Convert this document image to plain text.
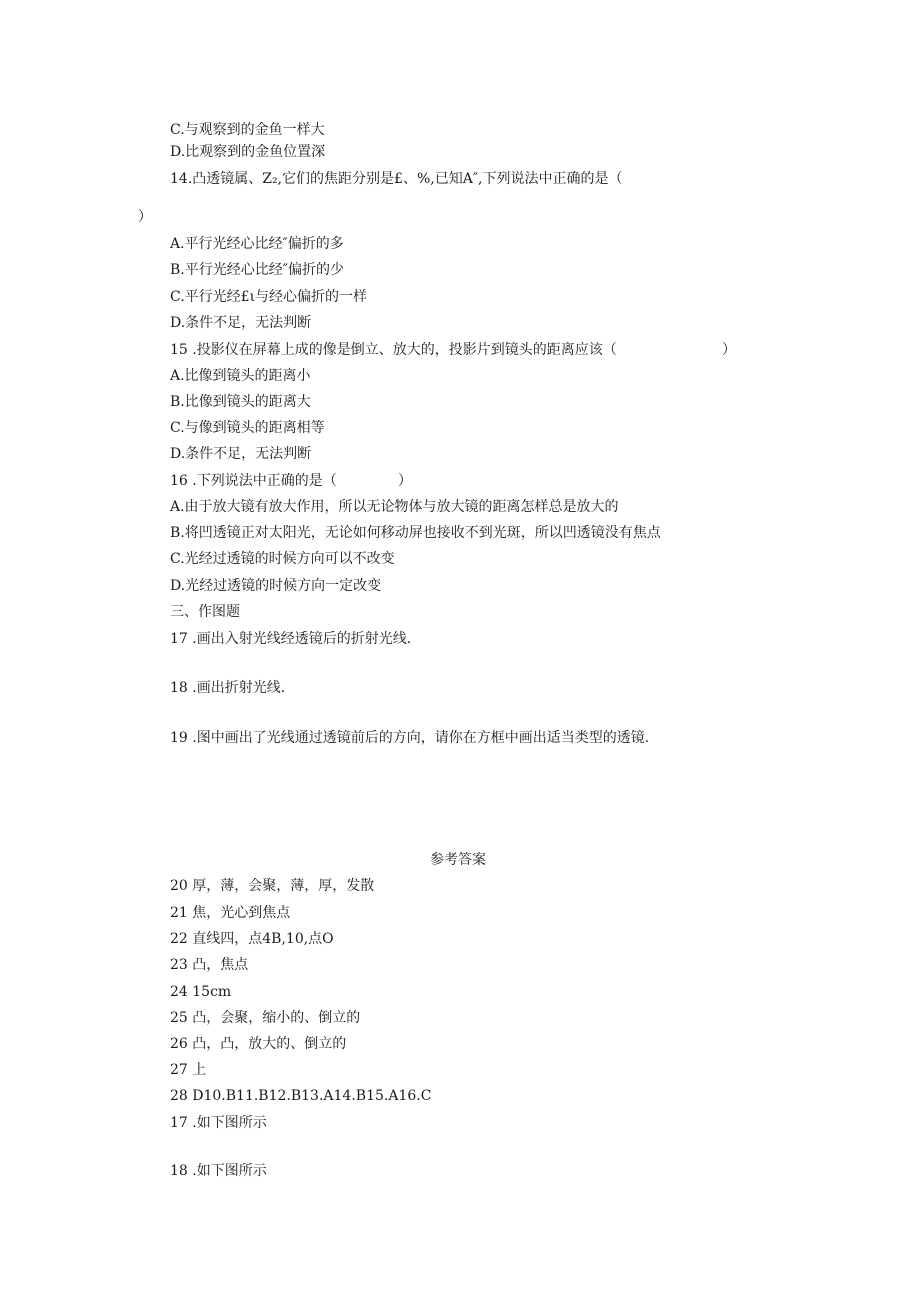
C.与观察到的金鱼一样大
D.比观察到的金鱼位置深
14.凸透镜属、Z₂,它们的焦距分别是£、%,已知A″,下列说法中正确的是（
）
A.平行光经心比经″偏折的多
B.平行光经心比经″偏折的少
C.平行光经£ι与经心偏折的一样
D.条件不足，无法判断
15 .投影仪在屏幕上成的像是倒立、放大的，投影片到镜头的距离应该（	）
A.比像到镜头的距离小
B.比像到镜头的距离大
C.与像到镜头的距离相等
D.条件不足，无法判断
16 .下列说法中正确的是（	）
A.由于放大镜有放大作用，所以无论物体与放大镜的距离怎样总是放大的
B.将凹透镜正对太阳光，无论如何移动屏也接收不到光斑，所以凹透镜没有焦点
C.光经过透镜的时候方向可以不改变
D.光经过透镜的时候方向一定改变
三、作图题
17 .画出入射光线经透镜后的折射光线.
18 .画出折射光线.
19 .图中画出了光线通过透镜前后的方向，请你在方框中画出适当类型的透镜.
参考答案
20 厚，薄，会聚，薄，厚，发散
21 焦，光心到焦点
22 直线四，点4B,10,点O
23 凸，焦点
24 15cm
25 凸，会聚，缩小的、倒立的
26 凸，凸，放大的、倒立的
27 上
28 D10.B11.B12.B13.A14.B15.A16.C
17 .如下图所示
18 .如下图所示
